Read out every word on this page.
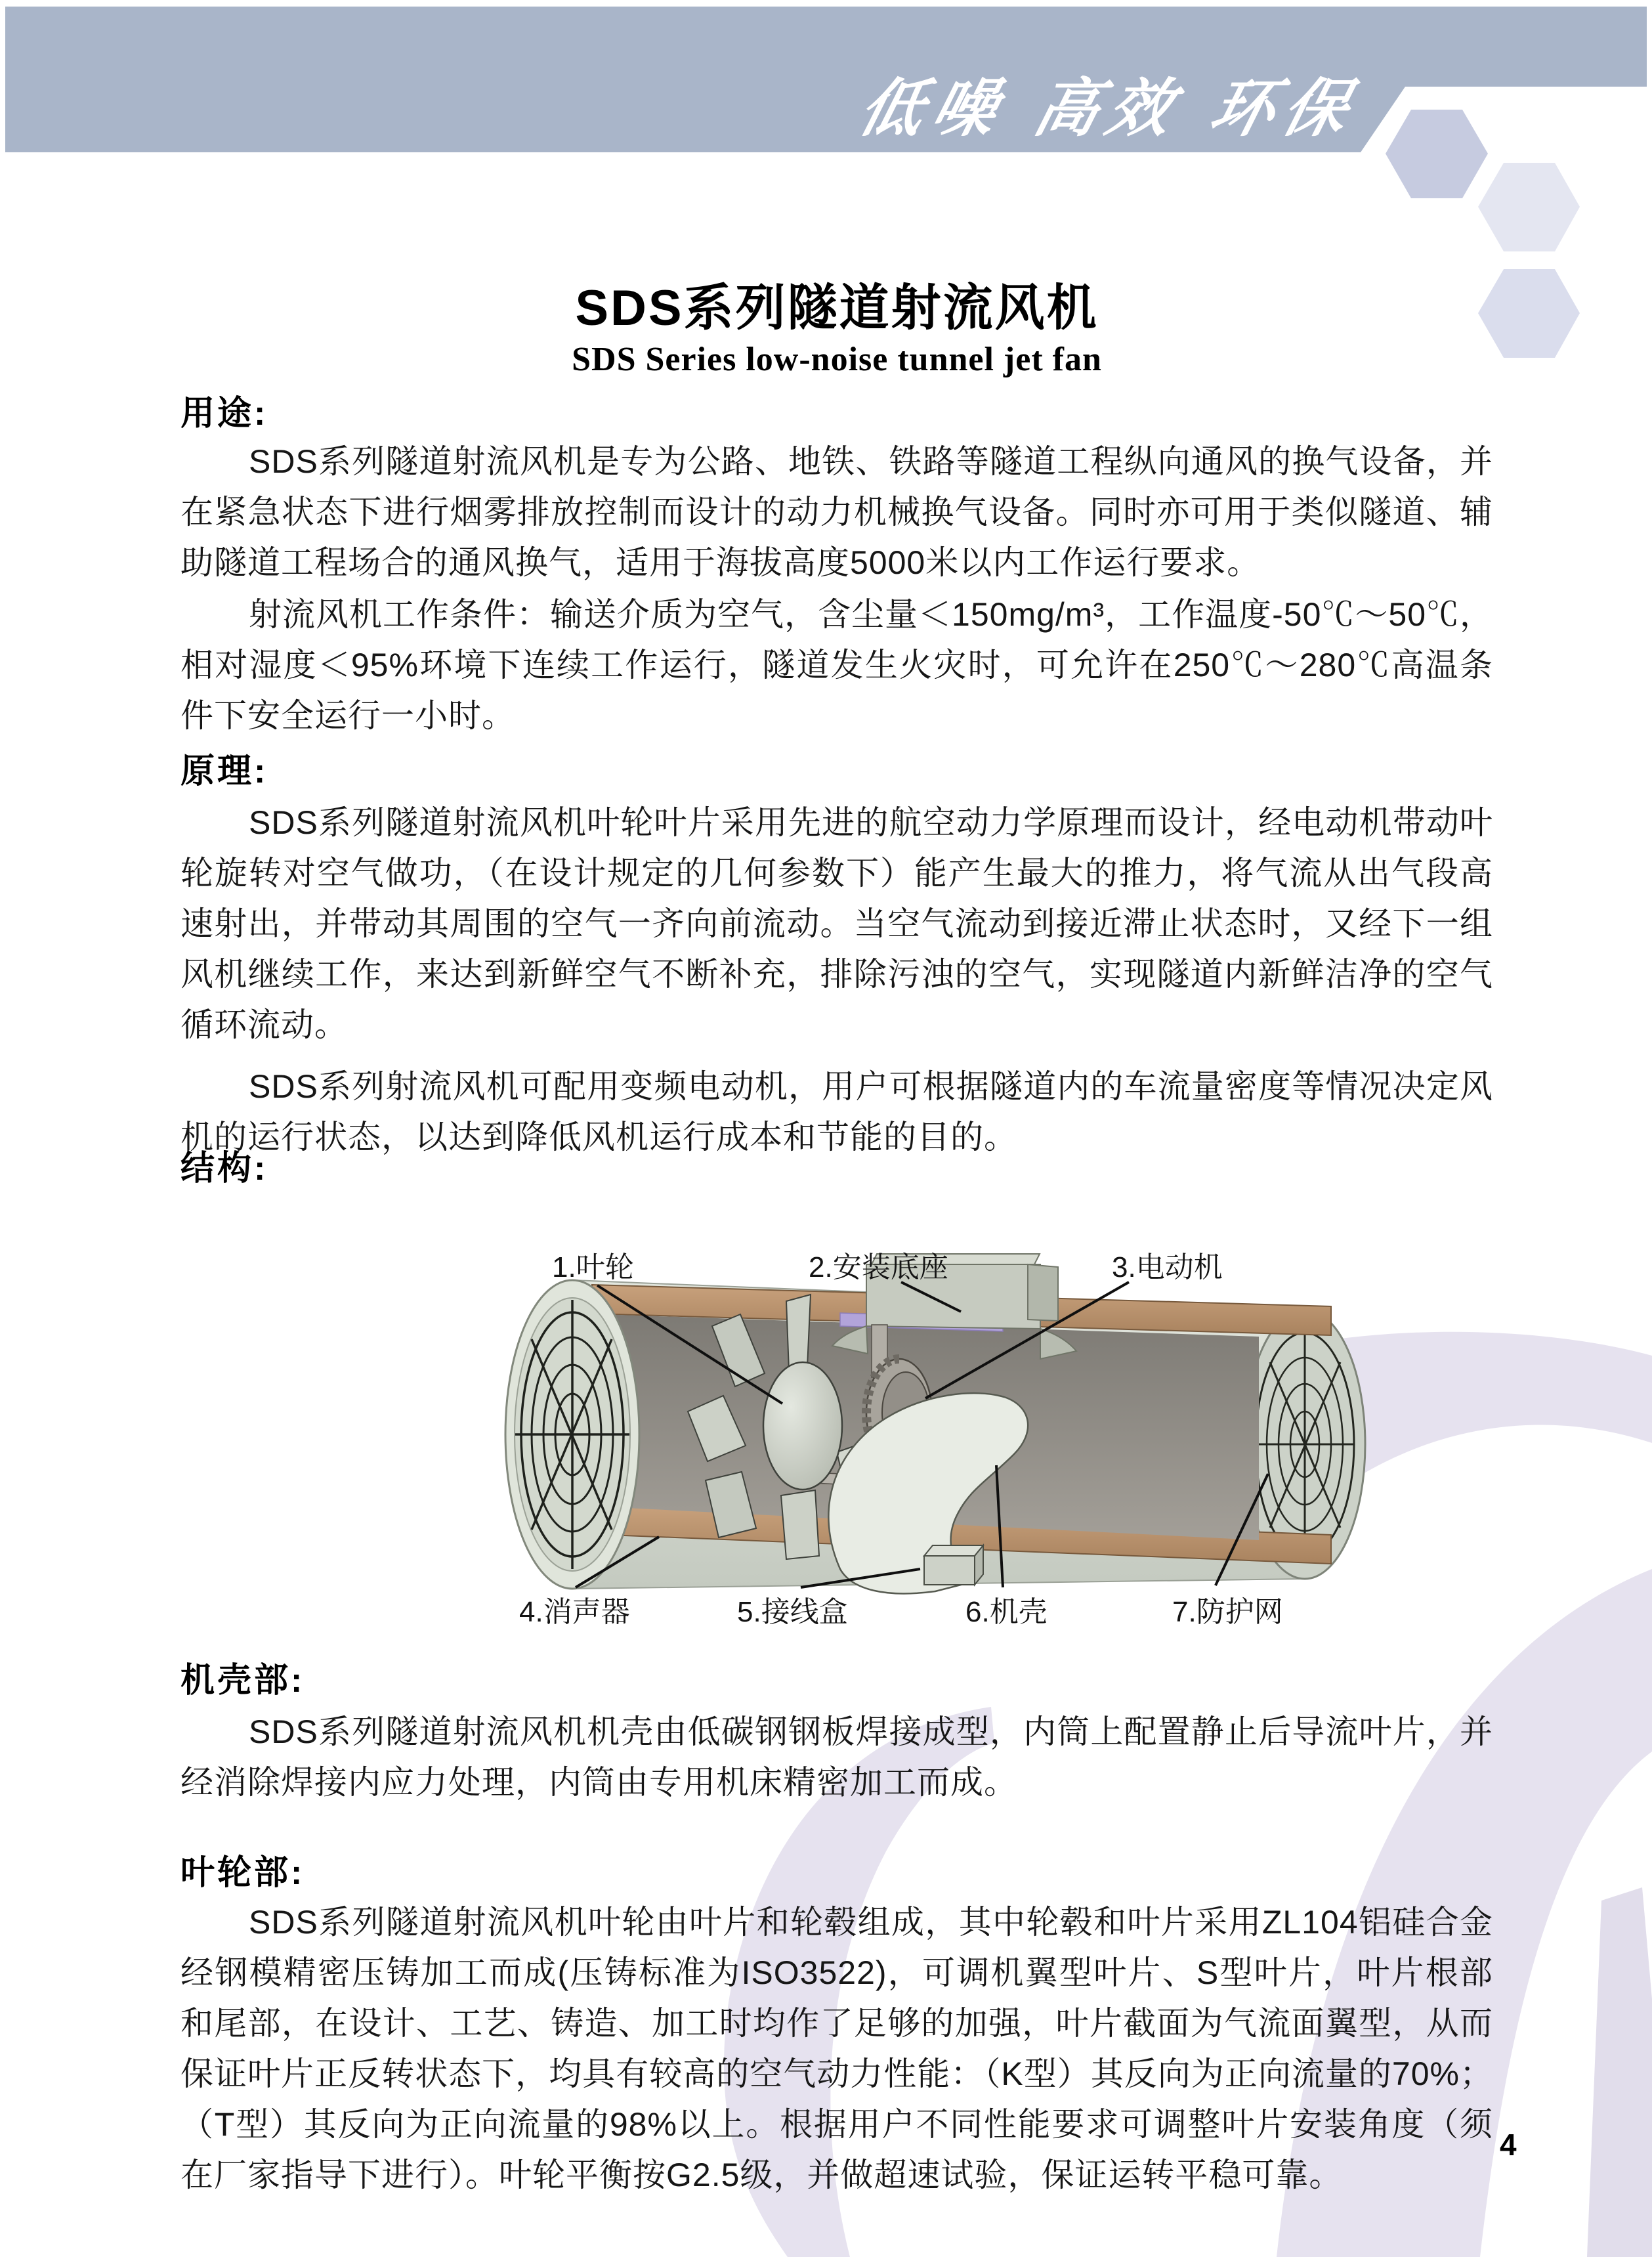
低噪 高效 环保
SDS系列隧道射流风机
SDS Series low-noise tunnel jet fan
用途:
SDS系列隧道射流风机是专为公路、地铁、铁路等隧道工程纵向通风的换气设备，并在紧急状态下进行烟雾排放控制而设计的动力机械换气设备。同时亦可用于类似隧道、辅助隧道工程场合的通风换气，适用于海拔高度5000米以内工作运行要求。
射流风机工作条件：输送介质为空气，含尘量＜150mg/m³，工作温度-50℃～50℃，相对湿度＜95%环境下连续工作运行，隧道发生火灾时，可允许在250℃～280℃高温条件下安全运行一小时。
原理:
SDS系列隧道射流风机叶轮叶片采用先进的航空动力学原理而设计，经电动机带动叶轮旋转对空气做功，（在设计规定的几何参数下）能产生最大的推力，将气流从出气段高速射出，并带动其周围的空气一齐向前流动。当空气流动到接近滞止状态时，又经下一组风机继续工作，来达到新鲜空气不断补充，排除污浊的空气，实现隧道内新鲜洁净的空气循环流动。
SDS系列射流风机可配用变频电动机，用户可根据隧道内的车流量密度等情况决定风机的运行状态，以达到降低风机运行成本和节能的目的。
结构:
1.叶轮	2.安装底座	3.电动机
4.消声器	5.接线盒	6.机壳	7.防护网
机壳部:
SDS系列隧道射流风机机壳由低碳钢钢板焊接成型，内筒上配置静止后导流叶片，并经消除焊接内应力处理，内筒由专用机床精密加工而成。
叶轮部:
SDS系列隧道射流风机叶轮由叶片和轮毂组成，其中轮毂和叶片采用ZL104铝硅合金经钢模精密压铸加工而成(压铸标准为ISO3522)，可调机翼型叶片、S型叶片，叶片根部和尾部，在设计、工艺、铸造、加工时均作了足够的加强，叶片截面为气流面翼型，从而保证叶片正反转状态下，均具有较高的空气动力性能：（K型）其反向为正向流量的70%；（T型）其反向为正向流量的98%以上。根据用户不同性能要求可调整叶片安装角度（须在厂家指导下进行）。叶轮平衡按G2.5级，并做超速试验，保证运转平稳可靠。
4
